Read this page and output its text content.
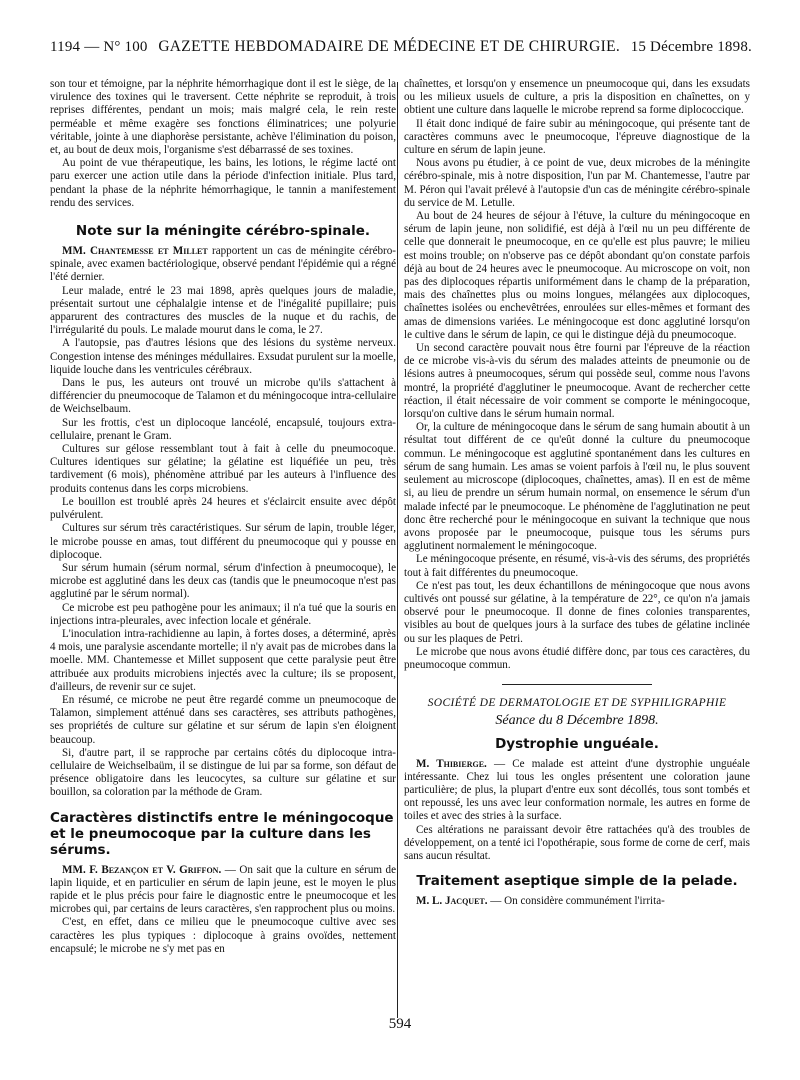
1194 — N° 100 GAZETTE HEBDOMADAIRE DE MÉDECINE ET DE CHIRURGIE. 15 Décembre 1898.

son tour et témoigne, par la néphrite hémorrhagique dont il est le siège, de la virulence des toxines qui le traversent. Cette néphrite se reproduit, à trois reprises différentes, pendant un mois; mais malgré cela, le rein reste perméable et même exagère ses fonctions éliminatrices; une polyurie véritable, jointe à une diaphorèse persistante, achève l'élimination du poison, et, au bout de deux mois, l'organisme s'est débarrassé de ses toxines.

Au point de vue thérapeutique, les bains, les lotions, le régime lacté ont paru exercer une action utile dans la période d'infection initiale. Plus tard, pendant la phase de la néphrite hémorrhagique, le tannin a manifestement rendu des services.

Note sur la méningite cérébro-spinale.

MM. Chantemesse et Millet rapportent un cas de méningite cérébro-spinale, avec examen bactériologique, observé pendant l'épidémie qui a régné l'été dernier.

Leur malade, entré le 23 mai 1898, après quelques jours de maladie, présentait surtout une céphalalgie intense et de l'inégalité pupillaire; puis apparurent des contractures des muscles de la nuque et du rachis, de l'irrégularité du pouls. Le malade mourut dans le coma, le 27.

A l'autopsie, pas d'autres lésions que des lésions du système nerveux. Congestion intense des méninges médullaires. Exsudat purulent sur la moelle, liquide louche dans les ventricules cérébraux.

Dans le pus, les auteurs ont trouvé un microbe qu'ils s'attachent à différencier du pneumocoque de Talamon et du méningocoque intra-cellulaire de Weichselbaum.

Sur les frottis, c'est un diplocoque lancéolé, encapsulé, toujours extra-cellulaire, prenant le Gram.

Cultures sur gélose ressemblant tout à fait à celle du pneumocoque. Cultures identiques sur gélatine; la gélatine est liquéfiée un peu, très tardivement (6 mois), phénomène attribué par les auteurs à l'influence des produits contenus dans les corps microbiens.

Le bouillon est troublé après 24 heures et s'éclaircit ensuite avec dépôt pulvérulent.

Cultures sur sérum très caractéristiques. Sur sérum de lapin, trouble léger, le microbe pousse en amas, tout différent du pneumocoque qui y pousse en diplocoque.

Sur sérum humain (sérum normal, sérum d'infection à pneumocoque), le microbe est agglutiné dans les deux cas (tandis que le pneumocoque n'est pas agglutiné par le sérum normal).

Ce microbe est peu pathogène pour les animaux; il n'a tué que la souris en injections intra-pleurales, avec infection locale et générale.

L'inoculation intra-rachidienne au lapin, à fortes doses, a déterminé, après 4 mois, une paralysie ascendante mortelle; il n'y avait pas de microbes dans la moelle. MM. Chantemesse et Millet supposent que cette paralysie peut être attribuée aux produits microbiens injectés avec la culture; ils se proposent, d'ailleurs, de revenir sur ce sujet.

En résumé, ce microbe ne peut être regardé comme un pneumocoque de Talamon, simplement atténué dans ses caractères, ses attributs pathogènes, ses propriétés de culture sur gélatine et sur sérum de lapin s'en éloignent beaucoup.

Si, d'autre part, il se rapproche par certains côtés du diplocoque intra-cellulaire de Weichselbaüm, il se distingue de lui par sa forme, son défaut de présence obligatoire dans les leucocytes, sa culture sur gélatine et sur bouillon, sa coloration par la méthode de Gram.

Caractères distinctifs entre le méningocoque et le pneumocoque par la culture dans les sérums.

MM. F. Bezançon et V. Griffon. — On sait que la culture en sérum de lapin liquide, et en particulier en sérum de lapin jeune, est le moyen le plus rapide et le plus précis pour faire le diagnostic entre le pneumocoque et les microbes qui, par certains de leurs caractères, s'en rapprochent plus ou moins.

C'est, en effet, dans ce milieu que le pneumocoque cultive avec ses caractères les plus typiques : diplocoque à grains ovoïdes, nettement encapsulé; le microbe ne s'y met pas en

chaînettes, et lorsqu'on y ensemence un pneumocoque qui, dans les exsudats ou les milieux usuels de culture, a pris la disposition en chaînettes, on y obtient une culture dans laquelle le microbe reprend sa forme diplococcique.

Il était donc indiqué de faire subir au méningocoque, qui présente tant de caractères communs avec le pneumocoque, l'épreuve diagnostique de la culture en sérum de lapin jeune.

Nous avons pu étudier, à ce point de vue, deux microbes de la méningite cérébro-spinale, mis à notre disposition, l'un par M. Chantemesse, l'autre par M. Péron qui l'avait prélevé à l'autopsie d'un cas de méningite cérébro-spinale du service de M. Letulle.

Au bout de 24 heures de séjour à l'étuve, la culture du méningocoque en sérum de lapin jeune, non solidifié, est déjà à l'œil nu un peu différente de celle que donnerait le pneumocoque, en ce qu'elle est plus pauvre; le milieu est moins trouble; on n'observe pas ce dépôt abondant qu'on constate parfois déjà au bout de 24 heures avec le pneumocoque. Au microscope on voit, non pas des diplocoques répartis uniformément dans le champ de la préparation, mais des chaînettes plus ou moins longues, mélangées aux diplocoques, chaînettes isolées ou enchevêtrées, enroulées sur elles-mêmes et formant des amas de dimensions variées. Le méningocoque est donc agglutiné lorsqu'on le cultive dans le sérum de lapin, ce qui le distingue déjà du pneumocoque.

Un second caractère pouvait nous être fourni par l'épreuve de la réaction de ce microbe vis-à-vis du sérum des malades atteints de pneumonie ou de lésions autres à pneumocoques, sérum qui possède seul, comme nous l'avons montré, la propriété d'agglutiner le pneumocoque. Avant de rechercher cette réaction, il était nécessaire de voir comment se comporte le méningocoque, lorsqu'on cultive dans le sérum humain normal.

Or, la culture de méningocoque dans le sérum de sang humain aboutit à un résultat tout différent de ce qu'eût donné la culture du pneumocoque commun. Le méningocoque est agglutiné spontanément dans les cultures en sérum de sang humain. Les amas se voient parfois à l'œil nu, le plus souvent seulement au microscope (diplocoques, chaînettes, amas). Il en est de même si, au lieu de prendre un sérum humain normal, on ensemence le sérum d'un malade infecté par le pneumocoque. Le phénomène de l'agglutination ne peut donc être recherché pour le méningocoque en suivant la technique que nous avons proposée par le pneumocoque, puisque tous les sérums purs agglutinent normalement le méningocoque.

Le méningocoque présente, en résumé, vis-à-vis des sérums, des propriétés tout à fait différentes du pneumocoque.

Ce n'est pas tout, les deux échantillons de méningocoque que nous avons cultivés ont poussé sur gélatine, à la température de 22°, ce qu'on n'a jamais observé pour le pneumocoque. Il donne de fines colonies transparentes, visibles au bout de quelques jours à la surface des tubes de gélatine inclinée ou sur les plaques de Petri.

Le microbe que nous avons étudié diffère donc, par tous ces caractères, du pneumocoque commun.

SOCIÉTÉ DE DERMATOLOGIE ET DE SYPHILIGRAPHIE
Séance du 8 Décembre 1898.
Dystrophie unguéale.

M. Thibierge. — Ce malade est atteint d'une dystrophie unguéale intéressante. Chez lui tous les ongles présentent une coloration jaune particulière; de plus, la plupart d'entre eux sont décollés, tous sont tombés et ont repoussé, les uns avec leur conformation normale, les autres en forme de toiles et avec des stries à la surface.

Ces altérations ne paraissant devoir être rattachées qu'à des troubles de développement, on a tenté ici l'opothérapie, sous forme de corne de cerf, mais sans aucun résultat.

Traitement aseptique simple de la pelade.

M. L. Jacquet. — On considère communément l'irrita-

594
